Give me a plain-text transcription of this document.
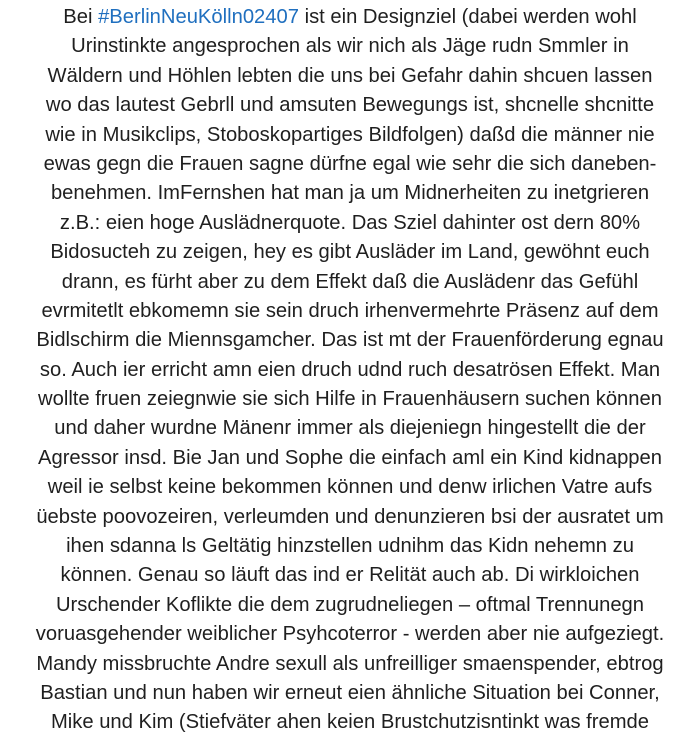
Bei #BerlinNeuKölln02407 ist ein Designziel (dabei werden wohl
Urinstinkte angesprochen als wir nich als Jäge rudn Smmler in
Wäldern und Höhlen lebten die uns bei Gefahr dahin shcuen lassen
wo das lautest Gebrll und amsuten Bewegungs ist, shcnelle shcnitte
wie in Musikclips, Stoboskopartiges Bildfolgen) daßd die männer nie
ewas gegn die Frauen sagne dürfne egal wie sehr die sich daneben-
benehmen. ImFernshen hat man ja um Midnerheiten zu inetgrieren
z.B.: eien hoge Auslädnerquote. Das Sziel dahinter ost dern 80%
Bidosucteh zu zeigen, hey es gibt Ausläder im Land, gewöhnt euch
drann, es fürht aber zu dem Effekt daß die Auslädenr das Gefühl
evrmitetlt ebkomemn sie sein druch irhenvermehrte Präsenz auf dem
Bidlschirm die Miennsgamcher. Das ist mt der Frauenförderung egnau
so. Auch ier erricht amn eien druch udnd ruch desatrösen Effekt. Man
wollte fruen zeiegnwie sie sich Hilfe in Frauenhäusern suchen können
und daher wurdne Mänenr immer als diejeniegn hingestellt die der
Agressor insd. Bie Jan und Sophe die einfach aml ein Kind kidnappen
weil ie selbst keine bekommen können und denw irlichen Vatre aufs
üebste poovozeiren, verleumden und denunzieren bsi der ausratet um
ihen sdanna ls Geltätig hinzstellen udnihm das Kidn nehemn zu
können. Genau so läuft das ind er Relität auch ab. Di wirkloichen
Urschender Koflikte die dem zugrudneliegen – oftmal Trennunegn
voruasgehender weiblicher Psyhcoterror - werden aber nie aufgeziegt.
Mandy missbruchte Andre sexull als unfreilliger smaenspender, ebtrog
Bastian und nun haben wir erneut eien ähnliche Situation bei Conner,
Mike und Kim (Stiefväter ahen keien Brustchutzisntinkt was fremde
